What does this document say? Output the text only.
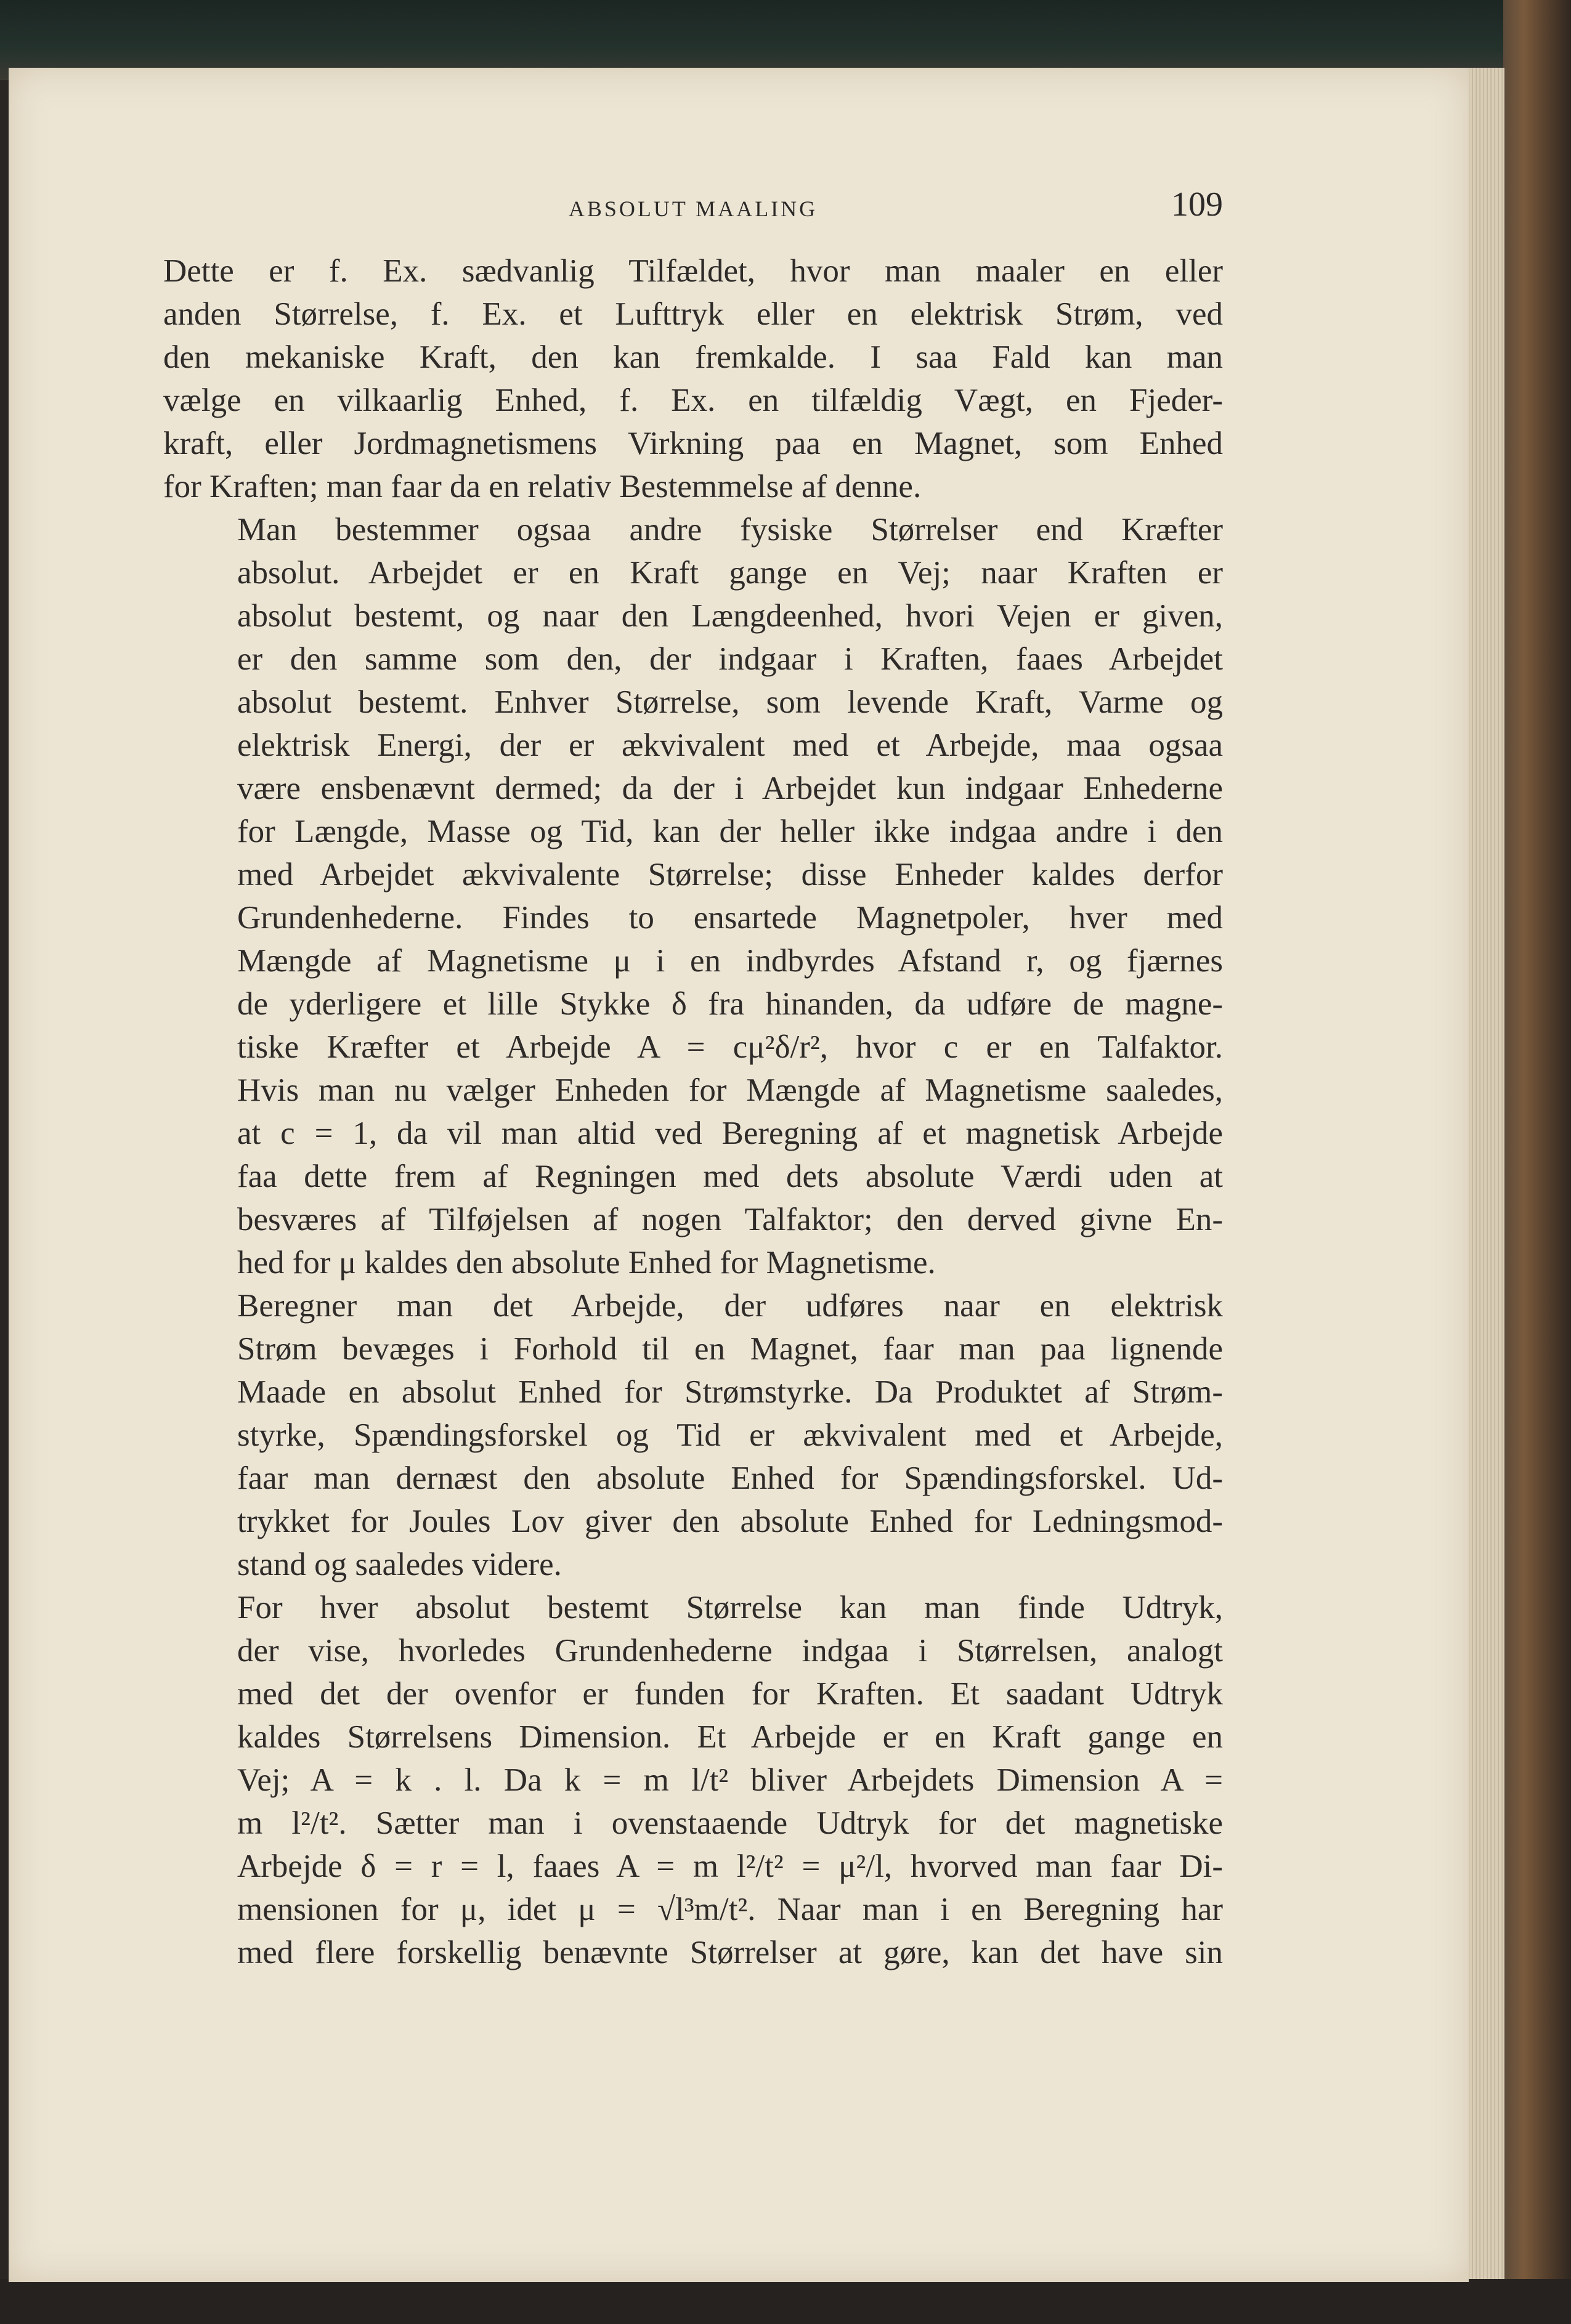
ABSOLUT MAALING	109

Dette er f. Ex. sædvanlig Tilfældet, hvor man maaler en eller
anden Størrelse, f. Ex. et Lufttryk eller en elektrisk Strøm, ved
den mekaniske Kraft, den kan fremkalde. I saa Fald kan man
vælge en vilkaarlig Enhed, f. Ex. en tilfældig Vægt, en Fjeder-
kraft, eller Jordmagnetismens Virkning paa en Magnet, som Enhed
for Kraften; man faar da en relativ Bestemmelse af denne.

Man bestemmer ogsaa andre fysiske Størrelser end Kræfter
absolut. Arbejdet er en Kraft gange en Vej; naar Kraften er
absolut bestemt, og naar den Længdeenhed, hvori Vejen er given,
er den samme som den, der indgaar i Kraften, faaes Arbejdet
absolut bestemt. Enhver Størrelse, som levende Kraft, Varme og
elektrisk Energi, der er ækvivalent med et Arbejde, maa ogsaa
være ensbenævnt dermed; da der i Arbejdet kun indgaar Enhederne
for Længde, Masse og Tid, kan der heller ikke indgaa andre i den
med Arbejdet ækvivalente Størrelse; disse Enheder kaldes derfor
Grundenhederne. Findes to ensartede Magnetpoler, hver med
Mængde af Magnetisme μ i en indbyrdes Afstand r, og fjærnes
de yderligere et lille Stykke δ fra hinanden, da udføre de magne-
tiske Kræfter et Arbejde A = cμ²δ/r², hvor c er en Talfaktor.
Hvis man nu vælger Enheden for Mængde af Magnetisme saaledes,
at c = 1, da vil man altid ved Beregning af et magnetisk Arbejde
faa dette frem af Regningen med dets absolute Værdi uden at
besværes af Tilføjelsen af nogen Talfaktor; den derved givne En-
hed for μ kaldes den absolute Enhed for Magnetisme.

Beregner man det Arbejde, der udføres naar en elektrisk
Strøm bevæges i Forhold til en Magnet, faar man paa lignende
Maade en absolut Enhed for Strømstyrke. Da Produktet af Strøm-
styrke, Spændingsforskel og Tid er ækvivalent med et Arbejde,
faar man dernæst den absolute Enhed for Spændingsforskel. Ud-
trykket for Joules Lov giver den absolute Enhed for Ledningsmod-
stand og saaledes videre.

For hver absolut bestemt Størrelse kan man finde Udtryk,
der vise, hvorledes Grundenhederne indgaa i Størrelsen, analogt
med det der ovenfor er funden for Kraften. Et saadant Udtryk
kaldes Størrelsens Dimension. Et Arbejde er en Kraft gange en
Vej; A = k . l. Da k = m l/t² bliver Arbejdets Dimension A =
m l²/t². Sætter man i ovenstaaende Udtryk for det magnetiske
Arbejde δ = r = l, faaes A = m l²/t² = μ²/l, hvorved man faar Di-
mensionen for μ, idet μ = √l³m/t². Naar man i en Beregning har
med flere forskellig benævnte Størrelser at gøre, kan det have sin
